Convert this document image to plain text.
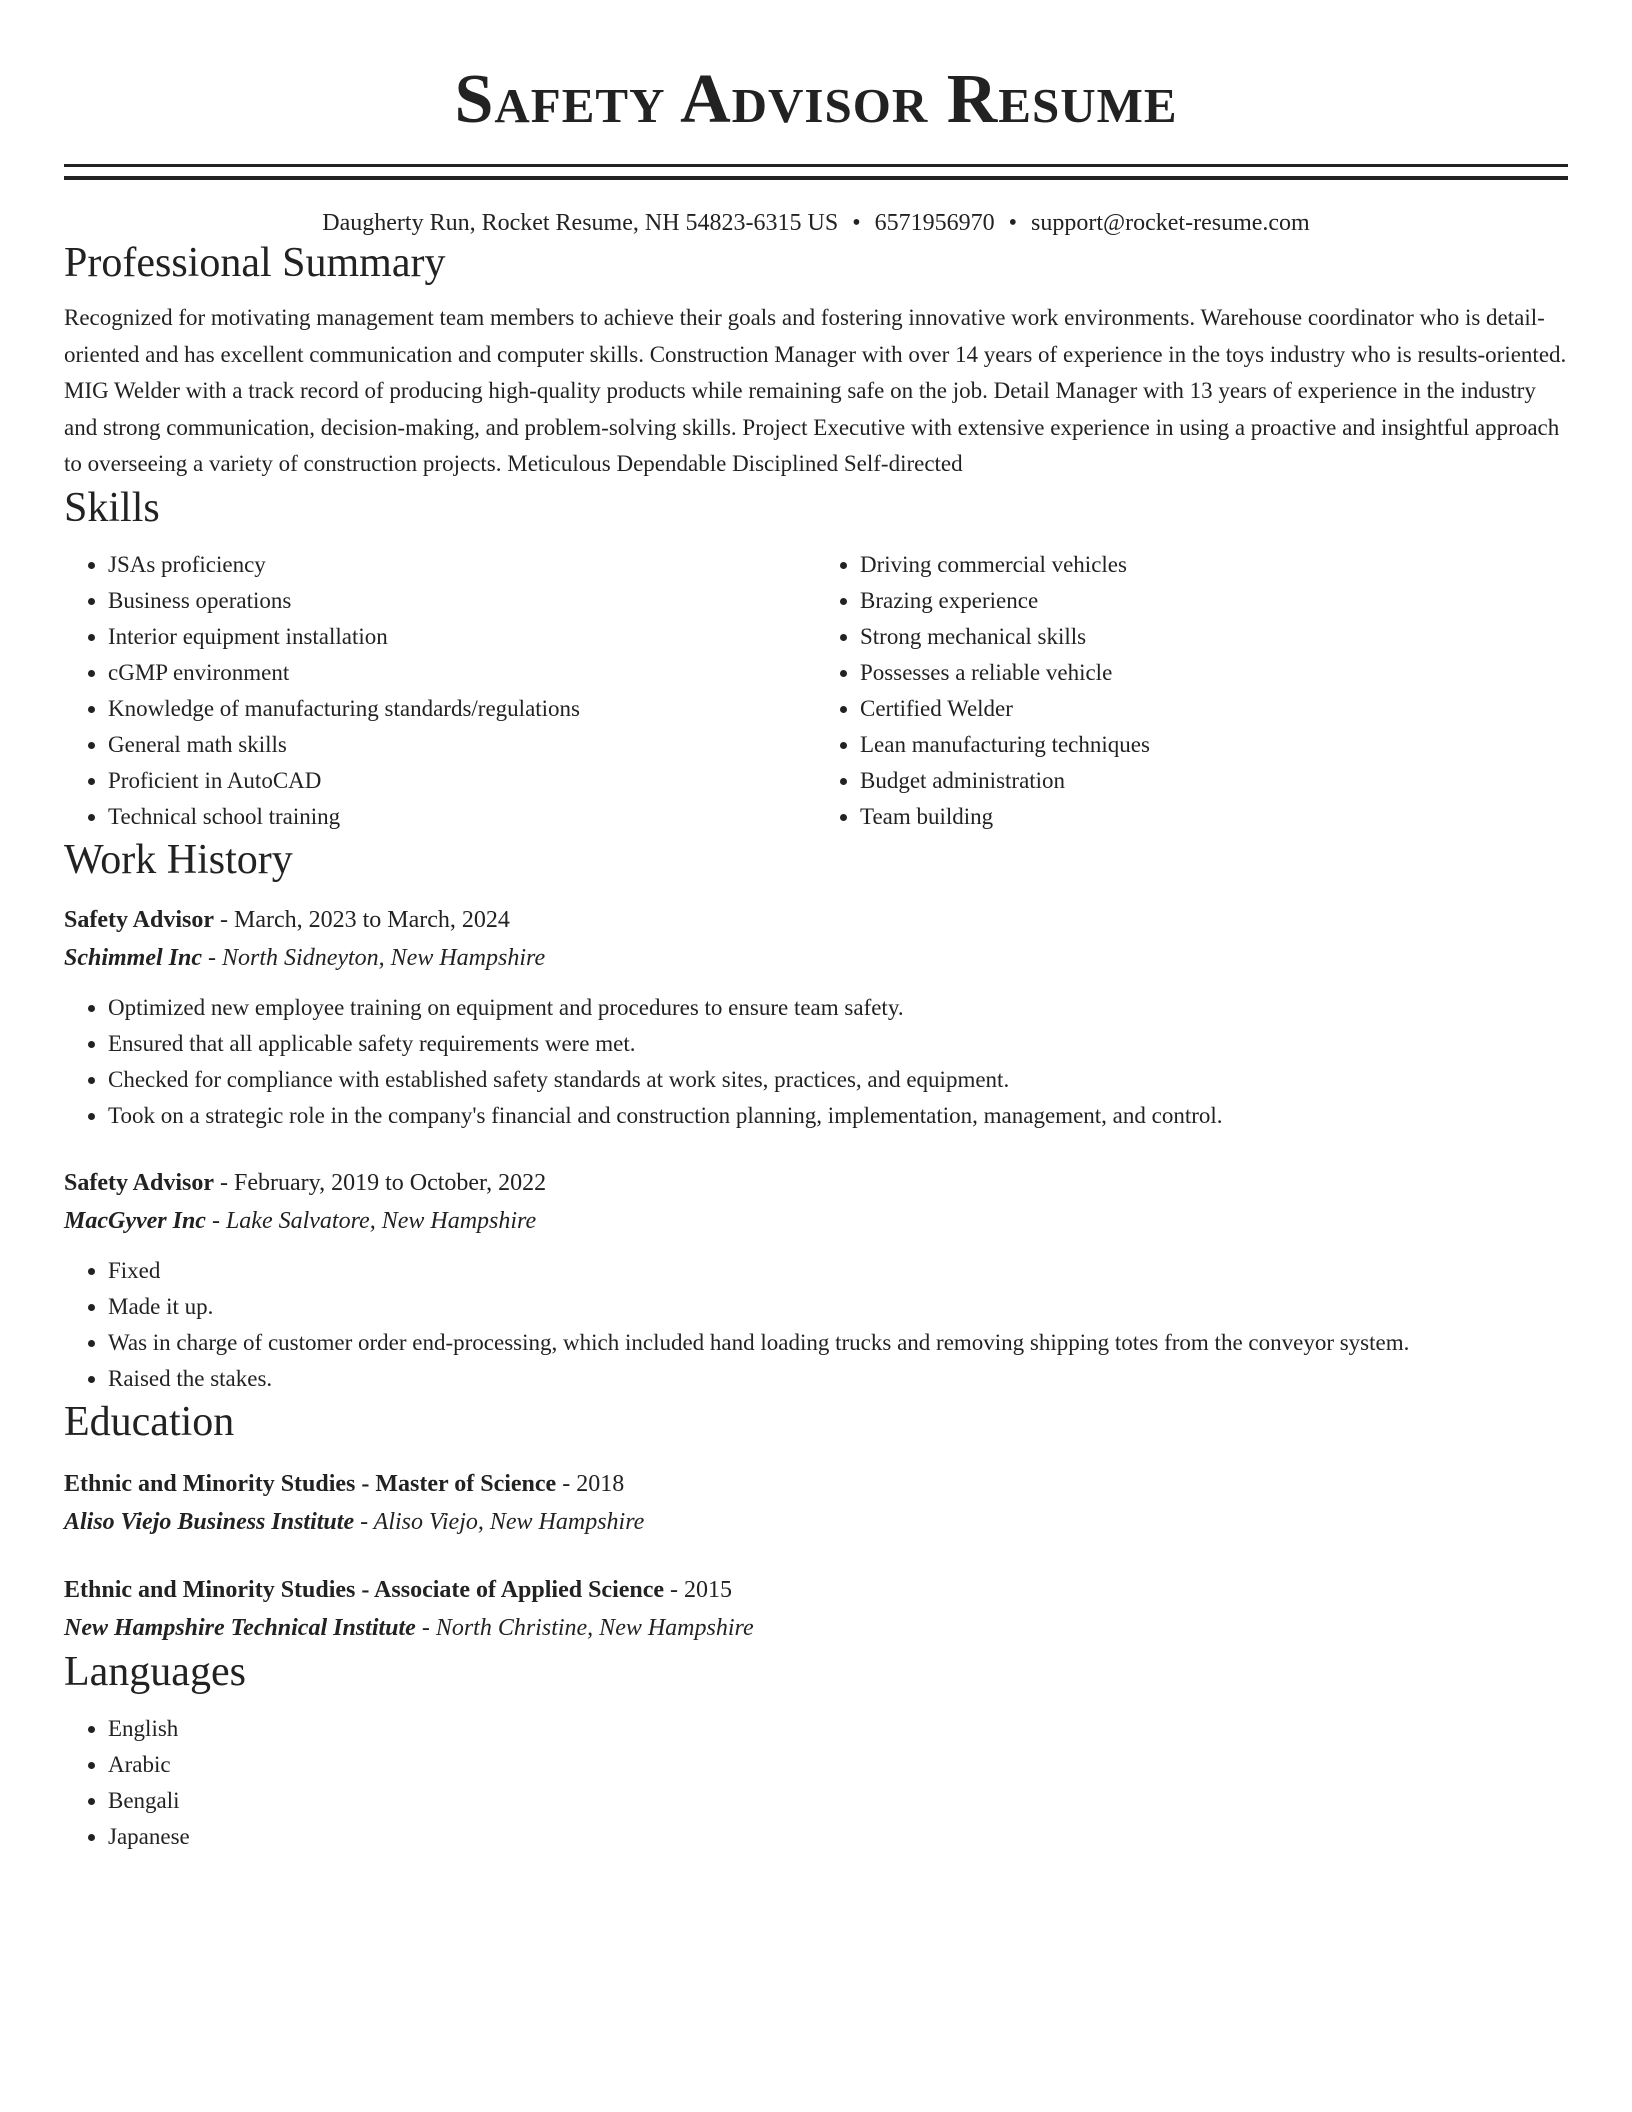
Safety Advisor Resume
Daugherty Run, Rocket Resume, NH 54823-6315 US • 6571956970 • support@rocket-resume.com
Professional Summary
Recognized for motivating management team members to achieve their goals and fostering innovative work environments. Warehouse coordinator who is detail-oriented and has excellent communication and computer skills. Construction Manager with over 14 years of experience in the toys industry who is results-oriented. MIG Welder with a track record of producing high-quality products while remaining safe on the job. Detail Manager with 13 years of experience in the industry and strong communication, decision-making, and problem-solving skills. Project Executive with extensive experience in using a proactive and insightful approach to overseeing a variety of construction projects. Meticulous Dependable Disciplined Self-directed
Skills
• JSAs proficiency
• Business operations
• Interior equipment installation
• cGMP environment
• Knowledge of manufacturing standards/regulations
• General math skills
• Proficient in AutoCAD
• Technical school training
• Driving commercial vehicles
• Brazing experience
• Strong mechanical skills
• Possesses a reliable vehicle
• Certified Welder
• Lean manufacturing techniques
• Budget administration
• Team building
Work History
Safety Advisor - March, 2023 to March, 2024
Schimmel Inc - North Sidneyton, New Hampshire
• Optimized new employee training on equipment and procedures to ensure team safety.
• Ensured that all applicable safety requirements were met.
• Checked for compliance with established safety standards at work sites, practices, and equipment.
• Took on a strategic role in the company's financial and construction planning, implementation, management, and control.
Safety Advisor - February, 2019 to October, 2022
MacGyver Inc - Lake Salvatore, New Hampshire
• Fixed
• Made it up.
• Was in charge of customer order end-processing, which included hand loading trucks and removing shipping totes from the conveyor system.
• Raised the stakes.
Education
Ethnic and Minority Studies - Master of Science - 2018
Aliso Viejo Business Institute - Aliso Viejo, New Hampshire
Ethnic and Minority Studies - Associate of Applied Science - 2015
New Hampshire Technical Institute - North Christine, New Hampshire
Languages
• English
• Arabic
• Bengali
• Japanese
